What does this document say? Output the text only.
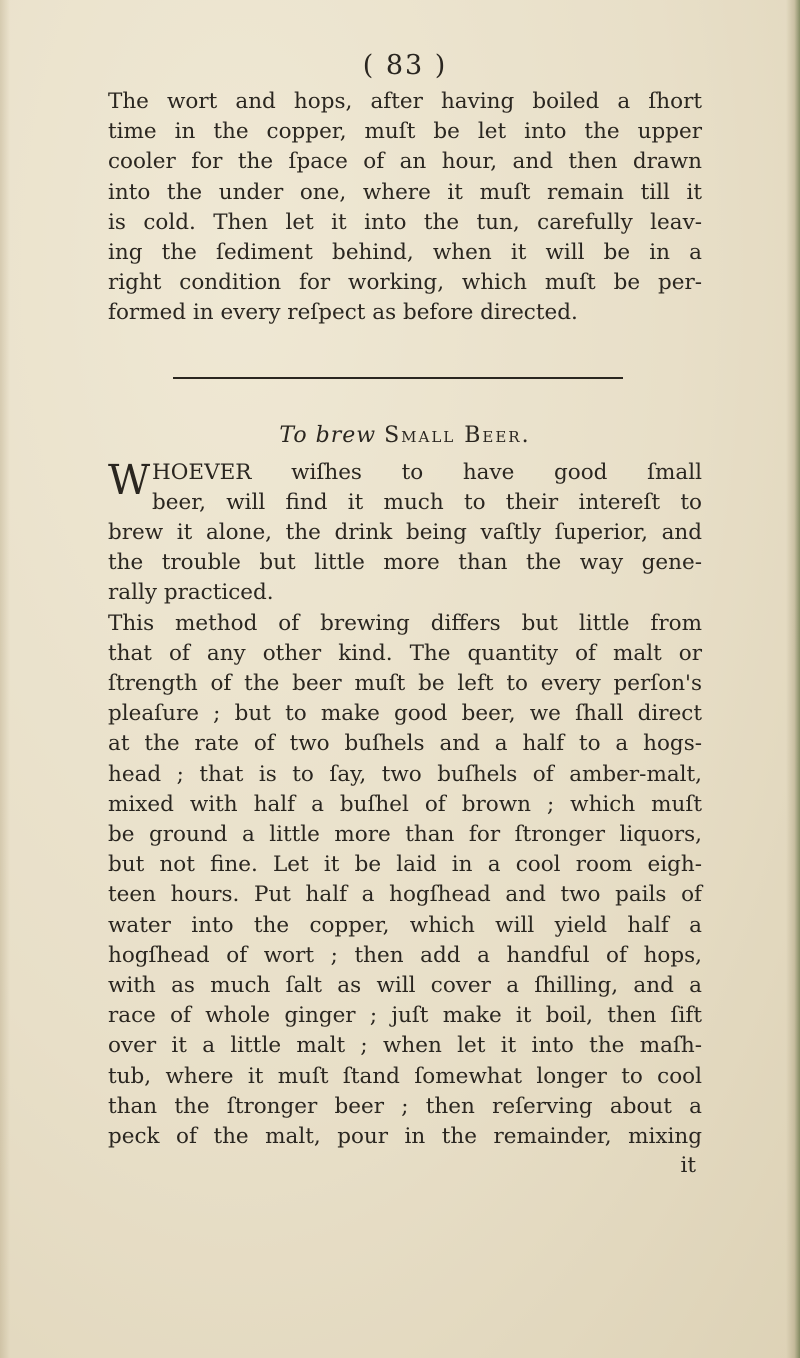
( 83 )
The wort and hops, after having boiled a ſhort
time in the copper, muſt be let into the upper
cooler for the ſpace of an hour, and then drawn
into the under one, where it muſt remain till it
is cold. Then let it into the tun, carefully leav-
ing the ſediment behind, when it will be in a
right condition for working, which muſt be per-
formed in every reſpect as before directed.
To brew Small Beer.
W HOEVER wiſhes to have good ſmall
beer, will find it much to their intereſt to
brew it alone, the drink being vaſtly ſuperior, and
the trouble but little more than the way gene-
rally practiced.
This method of brewing differs but little from
that of any other kind. The quantity of malt or
ſtrength of the beer muſt be left to every perſon's
pleaſure ; but to make good beer, we ſhall direct
at the rate of two buſhels and a half to a hogs-
head ; that is to ſay, two buſhels of amber-malt,
mixed with half a buſhel of brown ; which muſt
be ground a little more than for ſtronger liquors,
but not fine. Let it be laid in a cool room eigh-
teen hours. Put half a hogſhead and two pails of
water into the copper, which will yield half a
hogſhead of wort ; then add a handful of hops,
with as much ſalt as will cover a ſhilling, and a
race of whole ginger ; juſt make it boil, then ſift
over it a little malt ; when let it into the maſh-
tub, where it muſt ſtand ſomewhat longer to cool
than the ſtronger beer ; then reſerving about a
peck of the malt, pour in the remainder, mixing
it
